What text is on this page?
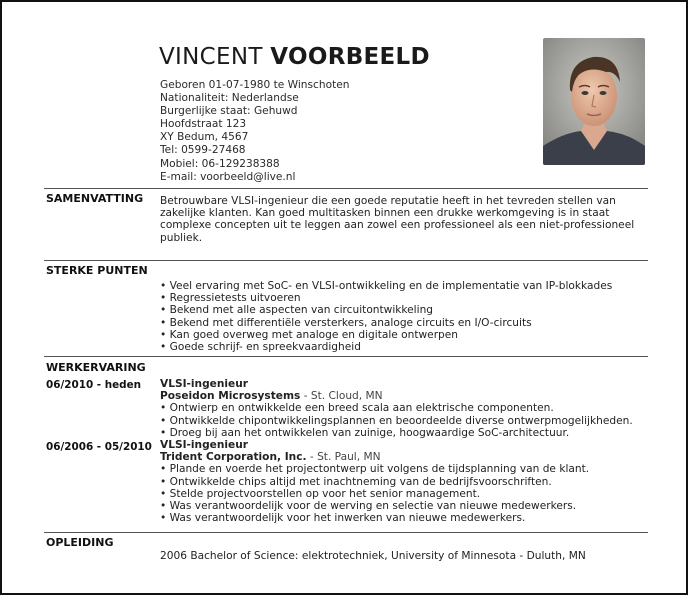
VINCENT VOORBEELD
Geboren 01-07-1980 te Winschoten
Nationaliteit: Nederlandse
Burgerlijke staat: Gehuwd
Hoofdstraat 123
XY Bedum, 4567
Tel: 0599-27468
Mobiel: 06-129238388
E-mail: voorbeeld@live.nl
SAMENVATTING Betrouwbare VLSI-ingenieur die een goede reputatie heeft in het tevreden stellen van zakelijke klanten. Kan goed multitasken binnen een drukke werkomgeving is in staat complexe concepten uit te leggen aan zowel een professioneel als een niet-professioneel publiek.
STERKE PUNTEN
• Veel ervaring met SoC- en VLSI-ontwikkeling en de implementatie van IP-blokkades
• Regressietests uitvoeren
• Bekend met alle aspecten van circuitontwikkeling
• Bekend met differentiële versterkers, analoge circuits en I/O-circuits
• Kan goed overweg met analoge en digitale ontwerpen
• Goede schrijf- en spreekvaardigheid
WERKERVARING
06/2010 - heden VLSI-ingenieur
Poseidon Microsystems - St. Cloud, MN
• Ontwierp en ontwikkelde een breed scala aan elektrische componenten.
• Ontwikkelde chipontwikkelingsplannen en beoordeelde diverse ontwerpmogelijkheden.
• Droeg bij aan het ontwikkelen van zuinige, hoogwaardige SoC-architectuur.
06/2006 - 05/2010 VLSI-ingenieur
Trident Corporation, Inc. - St. Paul, MN
• Plande en voerde het projectontwerp uit volgens de tijdsplanning van de klant.
• Ontwikkelde chips altijd met inachtneming van de bedrijfsvoorschriften.
• Stelde projectvoorstellen op voor het senior management.
• Was verantwoordelijk voor de werving en selectie van nieuwe medewerkers.
• Was verantwoordelijk voor het inwerken van nieuwe medewerkers.
OPLEIDING
2006 Bachelor of Science: elektrotechniek, University of Minnesota - Duluth, MN
